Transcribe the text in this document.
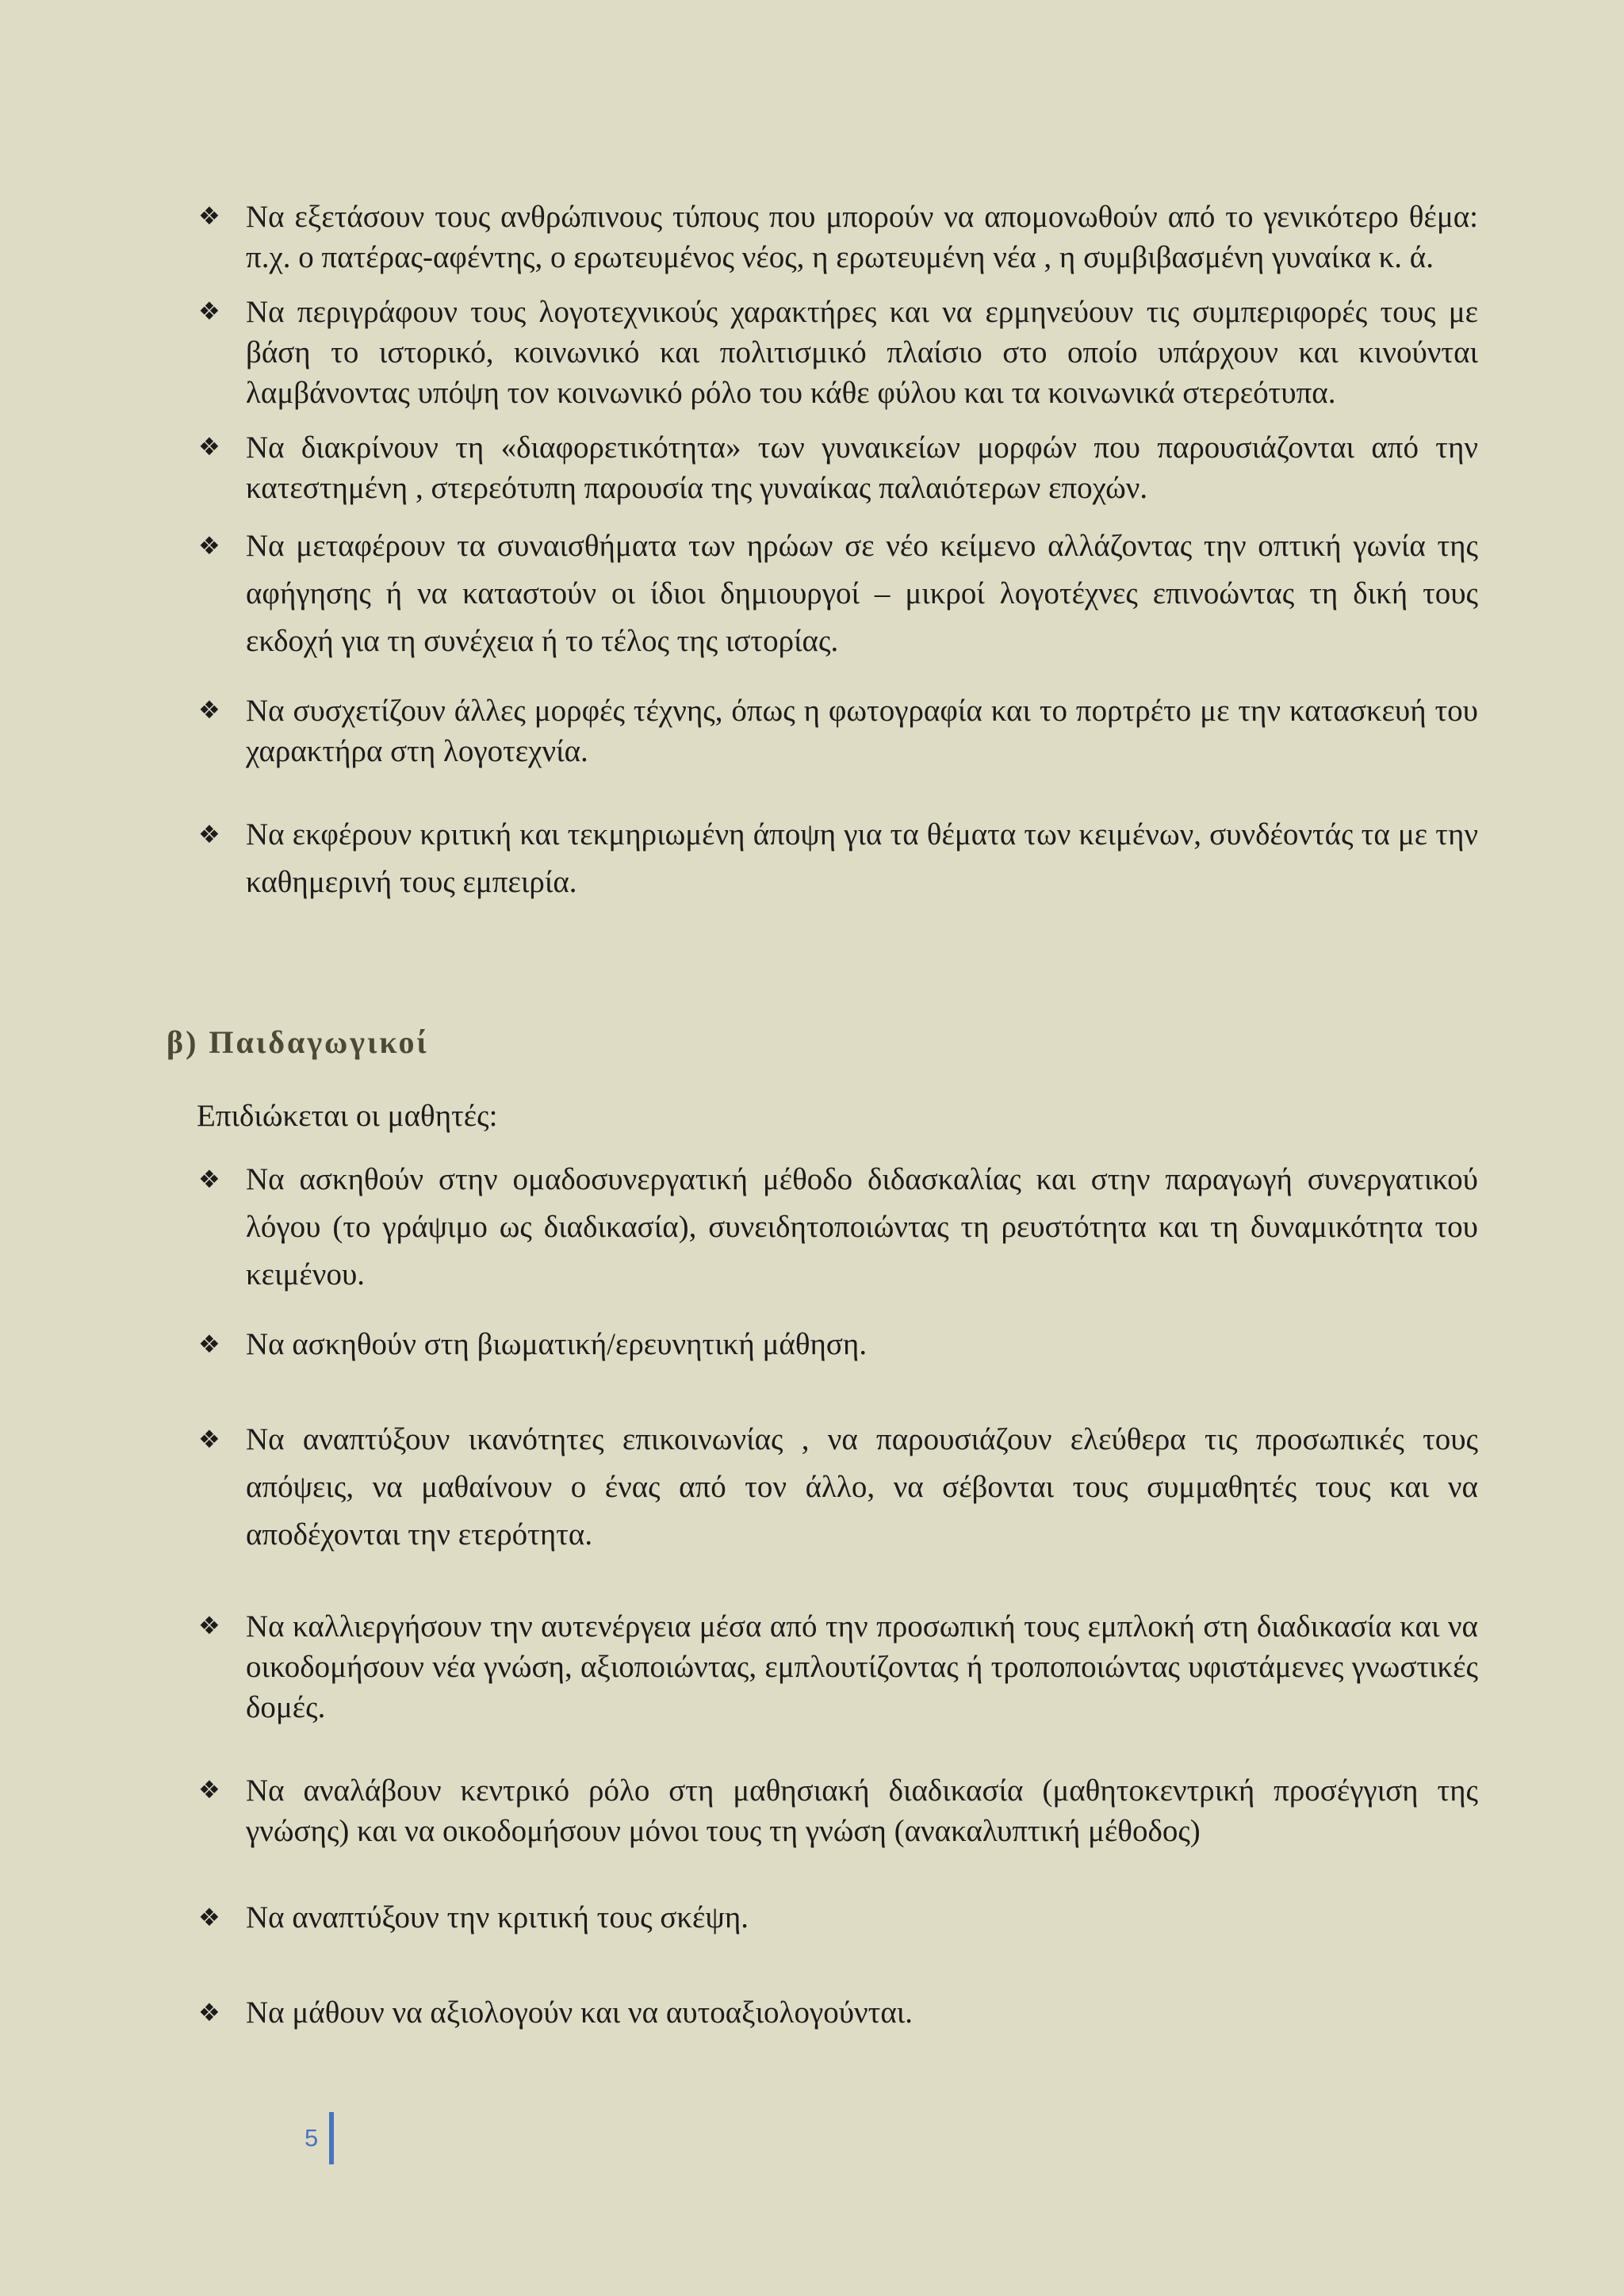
❖ Να εξετάσουν τους ανθρώπινους τύπους που μπορούν να απομονωθούν από το γενικότερο θέμα: π.χ. ο πατέρας-αφέντης, ο ερωτευμένος νέος, η ερωτευμένη νέα , η συμβιβασμένη γυναίκα κ. ά.
❖ Να περιγράφουν τους λογοτεχνικούς χαρακτήρες και να ερμηνεύουν τις συμπεριφορές τους με βάση το ιστορικό, κοινωνικό και πολιτισμικό πλαίσιο στο οποίο υπάρχουν και κινούνται λαμβάνοντας υπόψη τον κοινωνικό ρόλο του κάθε φύλου και τα κοινωνικά στερεότυπα.
❖ Να διακρίνουν τη «διαφορετικότητα» των γυναικείων μορφών που παρουσιάζονται από την κατεστημένη , στερεότυπη παρουσία της γυναίκας παλαιότερων εποχών.
❖ Να μεταφέρουν τα συναισθήματα των ηρώων σε νέο κείμενο αλλάζοντας την οπτική γωνία της αφήγησης ή να καταστούν οι ίδιοι δημιουργοί – μικροί λογοτέχνες επινοώντας τη δική τους εκδοχή για τη συνέχεια ή το τέλος της ιστορίας.
❖ Να συσχετίζουν άλλες μορφές τέχνης, όπως η φωτογραφία και το πορτρέτο με την κατασκευή του χαρακτήρα στη λογοτεχνία.
❖ Να εκφέρουν κριτική και τεκμηριωμένη άποψη για τα θέματα των κειμένων, συνδέοντάς τα με την καθημερινή τους εμπειρία.
β) Παιδαγωγικοί

Επιδιώκεται οι μαθητές:

❖ Να ασκηθούν στην ομαδοσυνεργατική μέθοδο διδασκαλίας και στην παραγωγή συνεργατικού λόγου (το γράψιμο ως διαδικασία), συνειδητοποιώντας τη ρευστότητα και τη δυναμικότητα του κειμένου.
❖ Να ασκηθούν στη βιωματική/ερευνητική μάθηση.
❖ Να αναπτύξουν ικανότητες επικοινωνίας , να παρουσιάζουν ελεύθερα τις προσωπικές τους απόψεις, να μαθαίνουν ο ένας από τον άλλο, να σέβονται τους συμμαθητές τους και να αποδέχονται την ετερότητα.
❖ Να καλλιεργήσουν την αυτενέργεια μέσα από την προσωπική τους εμπλοκή στη διαδικασία και να οικοδομήσουν νέα γνώση, αξιοποιώντας, εμπλουτίζοντας ή τροποποιώντας υφιστάμενες γνωστικές δομές.
❖ Να αναλάβουν κεντρικό ρόλο στη μαθησιακή διαδικασία (μαθητοκεντρική προσέγγιση της γνώσης) και να οικοδομήσουν μόνοι τους τη γνώση (ανακαλυπτική μέθοδος)
❖ Να αναπτύξουν την κριτική τους σκέψη.
❖ Να μάθουν να αξιολογούν και να αυτοαξιολογούνται.
5
